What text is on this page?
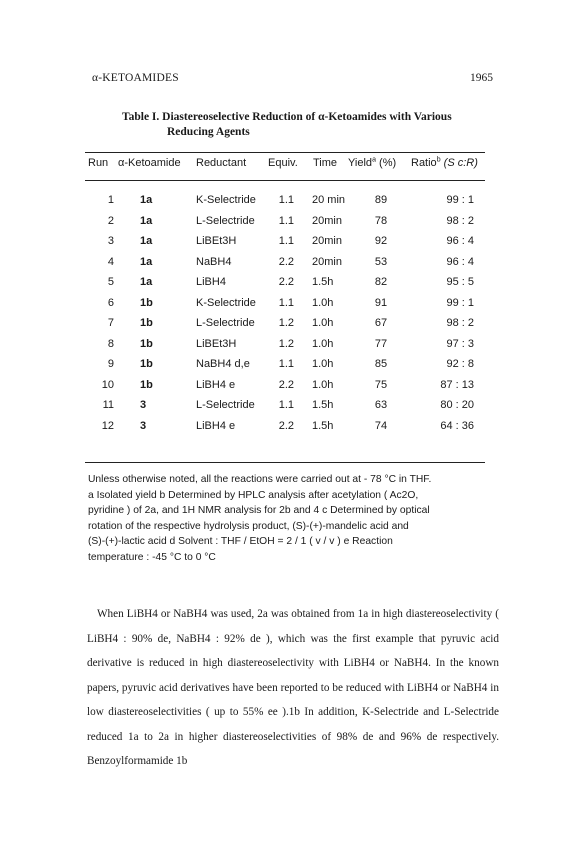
α-KETOAMIDES	1965
Table I. Diastereoselective Reduction of α-Ketoamides with Various
Reducing Agents
Run α-Ketoamide Reductant Equiv. Time Yield$^a$ (%) Ratio$^b$ (S c:R)
1 1a	K-Selectride	1.1 20 min	89	99 : 1
2 1a	L-Selectride	1.1 20min	78	98 : 2
3 1a	LiBEt3H	1.1 20min	92	96 : 4
4 1a	NaBH4	2.2 20min	53	96 : 4
5 1a	LiBH4	2.2 1.5h	82	95 : 5
6 1b	K-Selectride	1.1 1.0h	91	99 : 1
7 1b	L-Selectride	1.2 1.0h	67	98 : 2
8 1b	LiBEt3H	1.2 1.0h	77	97 : 3
9 1b	NaBH4 d,e	1.1 1.0h	85	92 : 8
10 1b	LiBH4 e	2.2 1.0h	75	87 : 13
11 3	L-Selectride	1.1 1.5h	63	80 : 20
12 3	LiBH4 e	2.2 1.5h	74	64 : 36

Unless otherwise noted, all the reactions were carried out at - 78 °C in THF.

a Isolated yield b Determined by HPLC analysis after acetylation ( Ac2O,

pyridine ) of 2a, and 1H NMR analysis for 2b and 4 c Determined by optical

rotation of the respective hydrolysis product, (S)-(+)-mandelic acid and

(S)-(+)-lactic acid d Solvent : THF / EtOH = 2 / 1 ( v / v ) e Reaction

temperature : -45 °C to 0 °C

When LiBH4 or NaBH4 was used, 2a was obtained from 1a in high diastereoselectivity ( LiBH4 : 90% de, NaBH4 : 92% de ), which was the first example that pyruvic acid derivative is reduced in high diastereoselectivity with LiBH4 or NaBH4. In the known papers, pyruvic acid derivatives have been reported to be reduced with LiBH4 or NaBH4 in low diastereoselectivities ( up to 55% ee ).1b In addition, K-Selectride and L-Selectride reduced 1a to 2a in higher diastereoselectivities of 98% de and 96% de respectively. Benzoylformamide 1b
